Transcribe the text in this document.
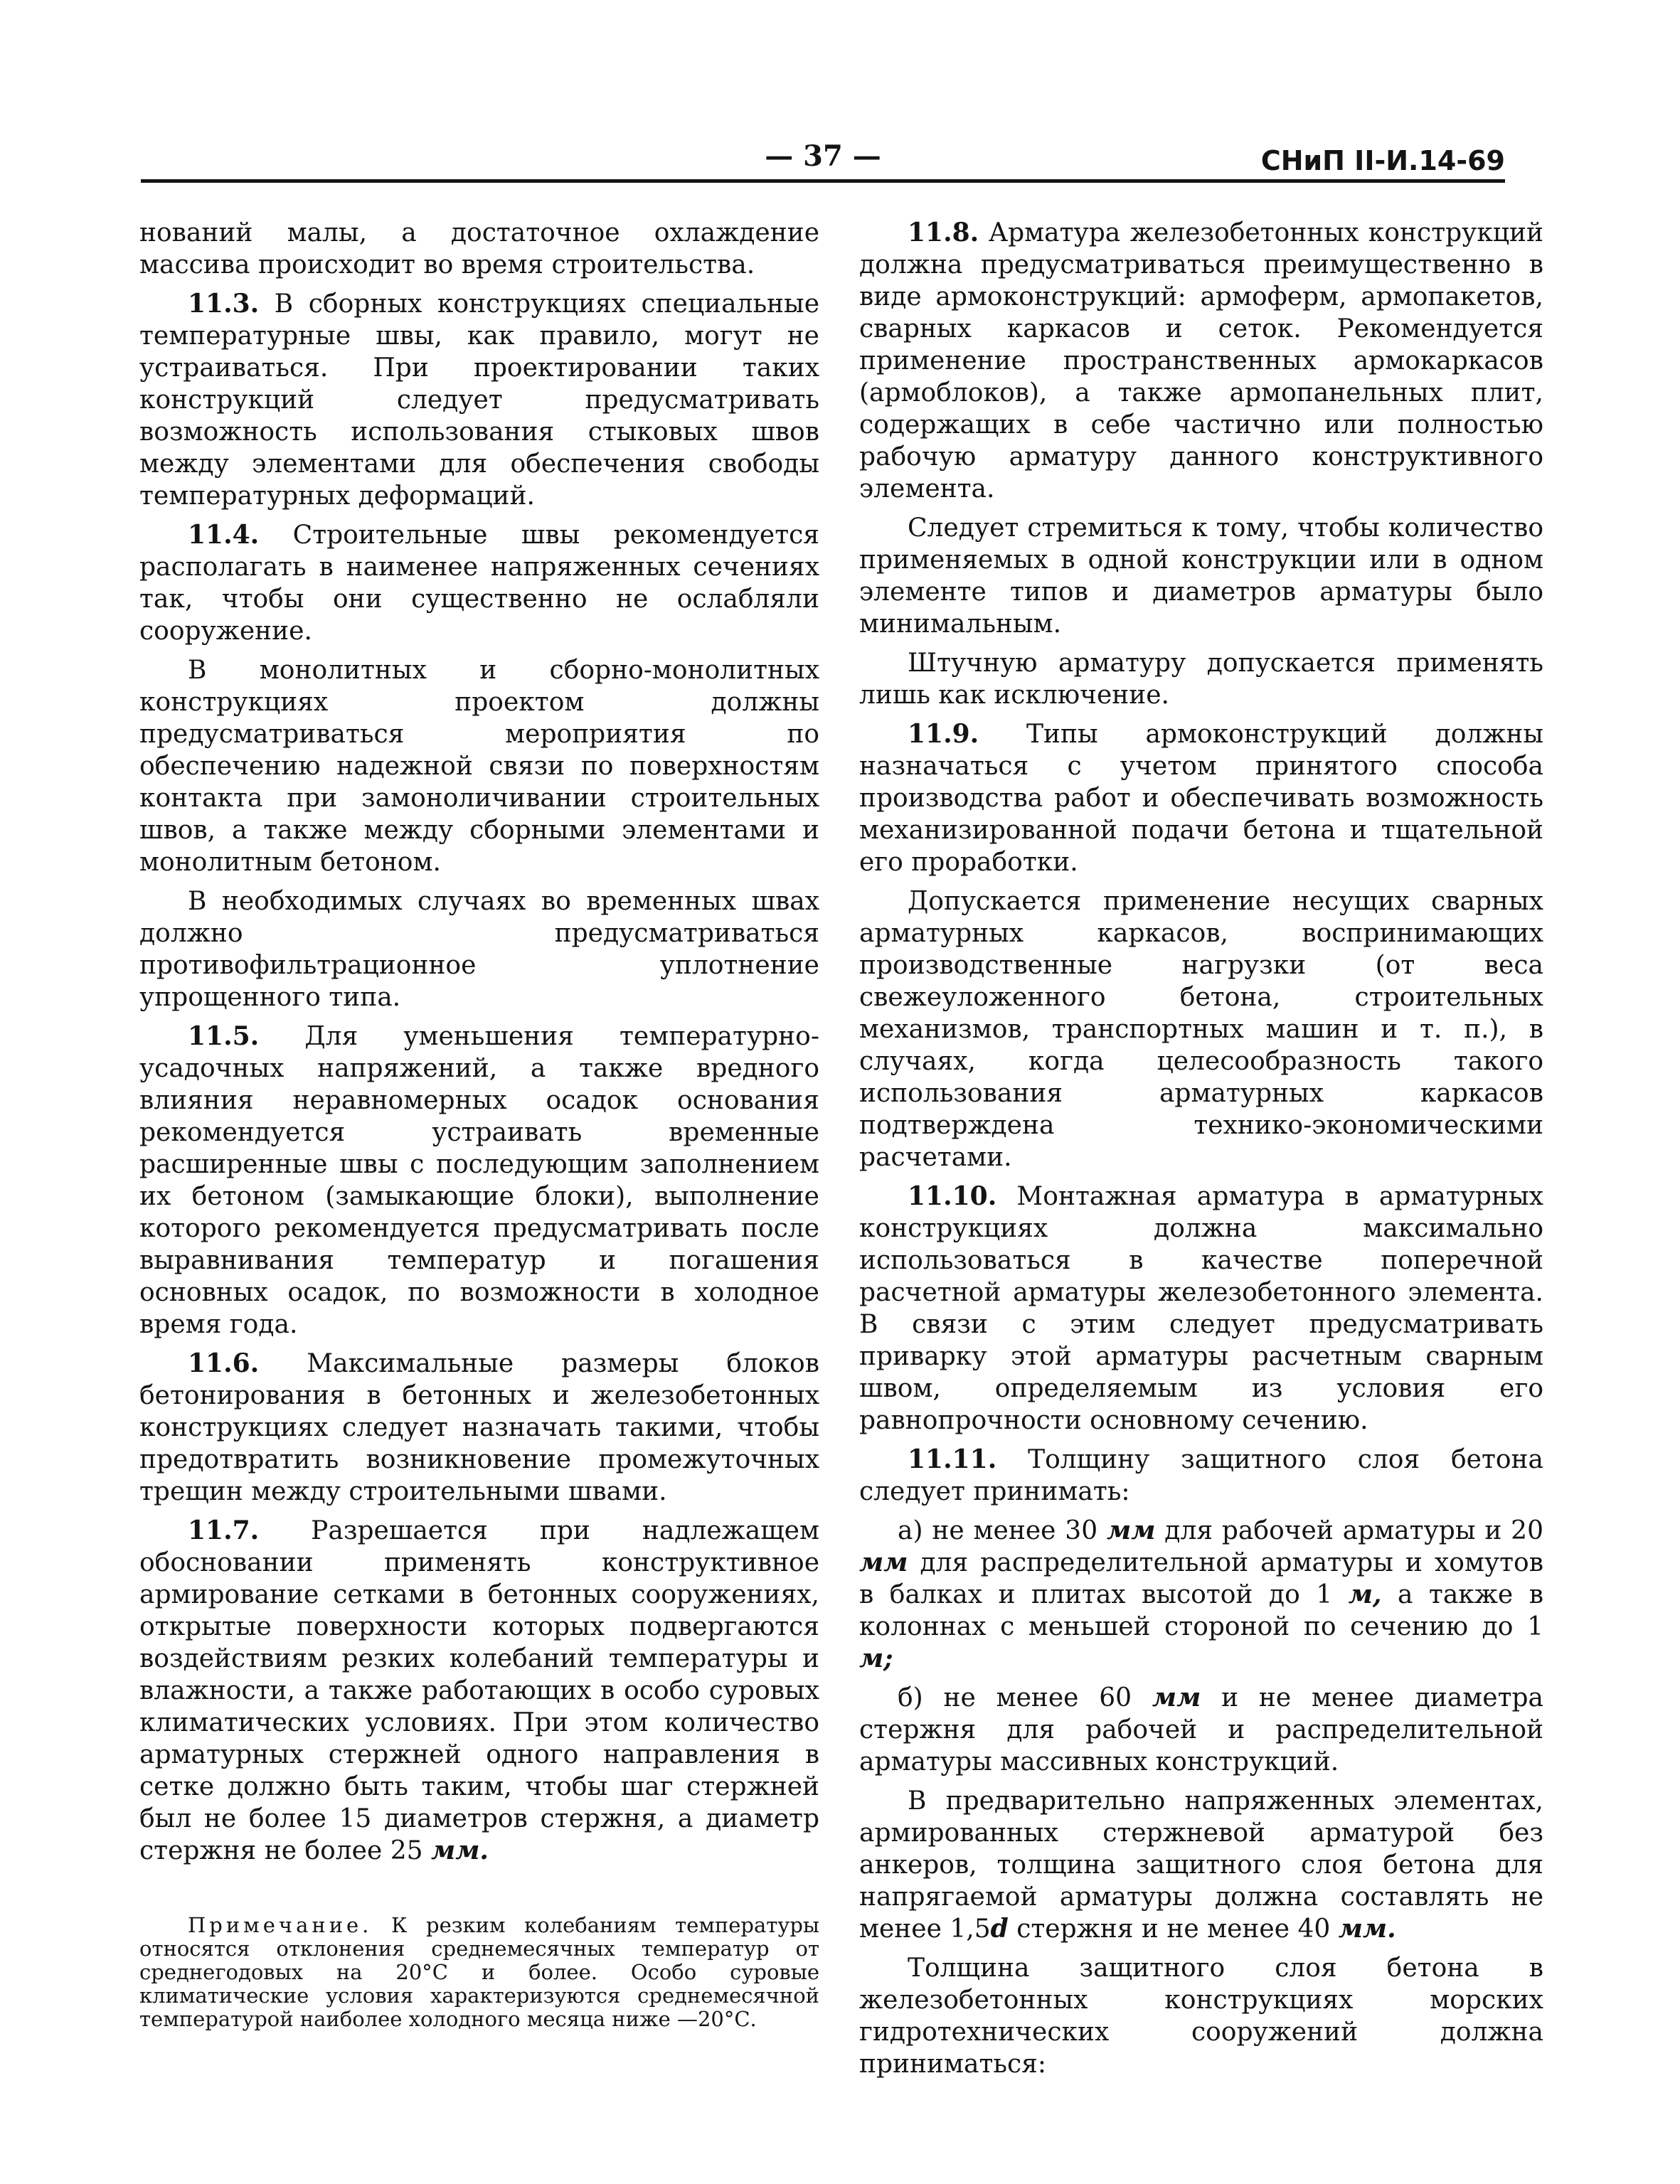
— 37 —	СНиП II-И.14-69

нований малы, а достаточное охлаждение массива происходит во время строительства.

11.3. В сборных конструкциях специальные температурные швы, как правило, могут не устраиваться. При проектировании таких конструкций следует предусматривать возможность использования стыковых швов между элементами для обеспечения свободы температурных деформаций.

11.4. Строительные швы рекомендуется располагать в наименее напряженных сечениях так, чтобы они существенно не ослабляли сооружение.

В монолитных и сборно-монолитных конструкциях проектом должны предусматриваться мероприятия по обеспечению надежной связи по поверхностям контакта при замоноличивании строительных швов, а также между сборными элементами и монолитным бетоном.

В необходимых случаях во временных швах должно предусматриваться противофильтрационное уплотнение упрощенного типа.

11.5. Для уменьшения температурно-усадочных напряжений, а также вредного влияния неравномерных осадок основания рекомендуется устраивать временные расширенные швы с последующим заполнением их бетоном (замыкающие блоки), выполнение которого рекомендуется предусматривать после выравнивания температур и погашения основных осадок, по возможности в холодное время года.

11.6. Максимальные размеры блоков бетонирования в бетонных и железобетонных конструкциях следует назначать такими, чтобы предотвратить возникновение промежуточных трещин между строительными швами.

11.7. Разрешается при надлежащем обосновании применять конструктивное армирование сетками в бетонных сооружениях, открытые поверхности которых подвергаются воздействиям резких колебаний температуры и влажности, а также работающих в особо суровых климатических условиях. При этом количество арматурных стержней одного направления в сетке должно быть таким, чтобы шаг стержней был не более 15 диаметров стержня, а диаметр стержня не более 25 мм.

Примечание. К резким колебаниям температуры относятся отклонения среднемесячных температур от среднегодовых на 20°С и более. Особо суровые климатические условия характеризуются среднемесячной температурой наиболее холодного месяца ниже —20°С.

11.8. Арматура железобетонных конструкций должна предусматриваться преимущественно в виде армоконструкций: армоферм, армопакетов, сварных каркасов и сеток. Рекомендуется применение пространственных армокаркасов (армоблоков), а также армопанельных плит, содержащих в себе частично или полностью рабочую арматуру данного конструктивного элемента.

Следует стремиться к тому, чтобы количество применяемых в одной конструкции или в одном элементе типов и диаметров арматуры было минимальным.

Штучную арматуру допускается применять лишь как исключение.

11.9. Типы армоконструкций должны назначаться с учетом принятого способа производства работ и обеспечивать возможность механизированной подачи бетона и тщательной его проработки.

Допускается применение несущих сварных арматурных каркасов, воспринимающих производственные нагрузки (от веса свежеуложенного бетона, строительных механизмов, транспортных машин и т. п.), в случаях, когда целесообразность такого использования арматурных каркасов подтверждена технико-экономическими расчетами.

11.10. Монтажная арматура в арматурных конструкциях должна максимально использоваться в качестве поперечной расчетной арматуры железобетонного элемента. В связи с этим следует предусматривать приварку этой арматуры расчетным сварным швом, определяемым из условия его равнопрочности основному сечению.

11.11. Толщину защитного слоя бетона следует принимать:

а) не менее 30 мм для рабочей арматуры и 20 мм для распределительной арматуры и хомутов в балках и плитах высотой до 1 м, а также в колоннах с меньшей стороной по сечению до 1 м;

б) не менее 60 мм и не менее диаметра стержня для рабочей и распределительной арматуры массивных конструкций.

В предварительно напряженных элементах, армированных стержневой арматурой без анкеров, толщина защитного слоя бетона для напрягаемой арматуры должна составлять не менее 1,5d стержня и не менее 40 мм.

Толщина защитного слоя бетона в железобетонных конструкциях морских гидротехнических сооружений должна приниматься:
